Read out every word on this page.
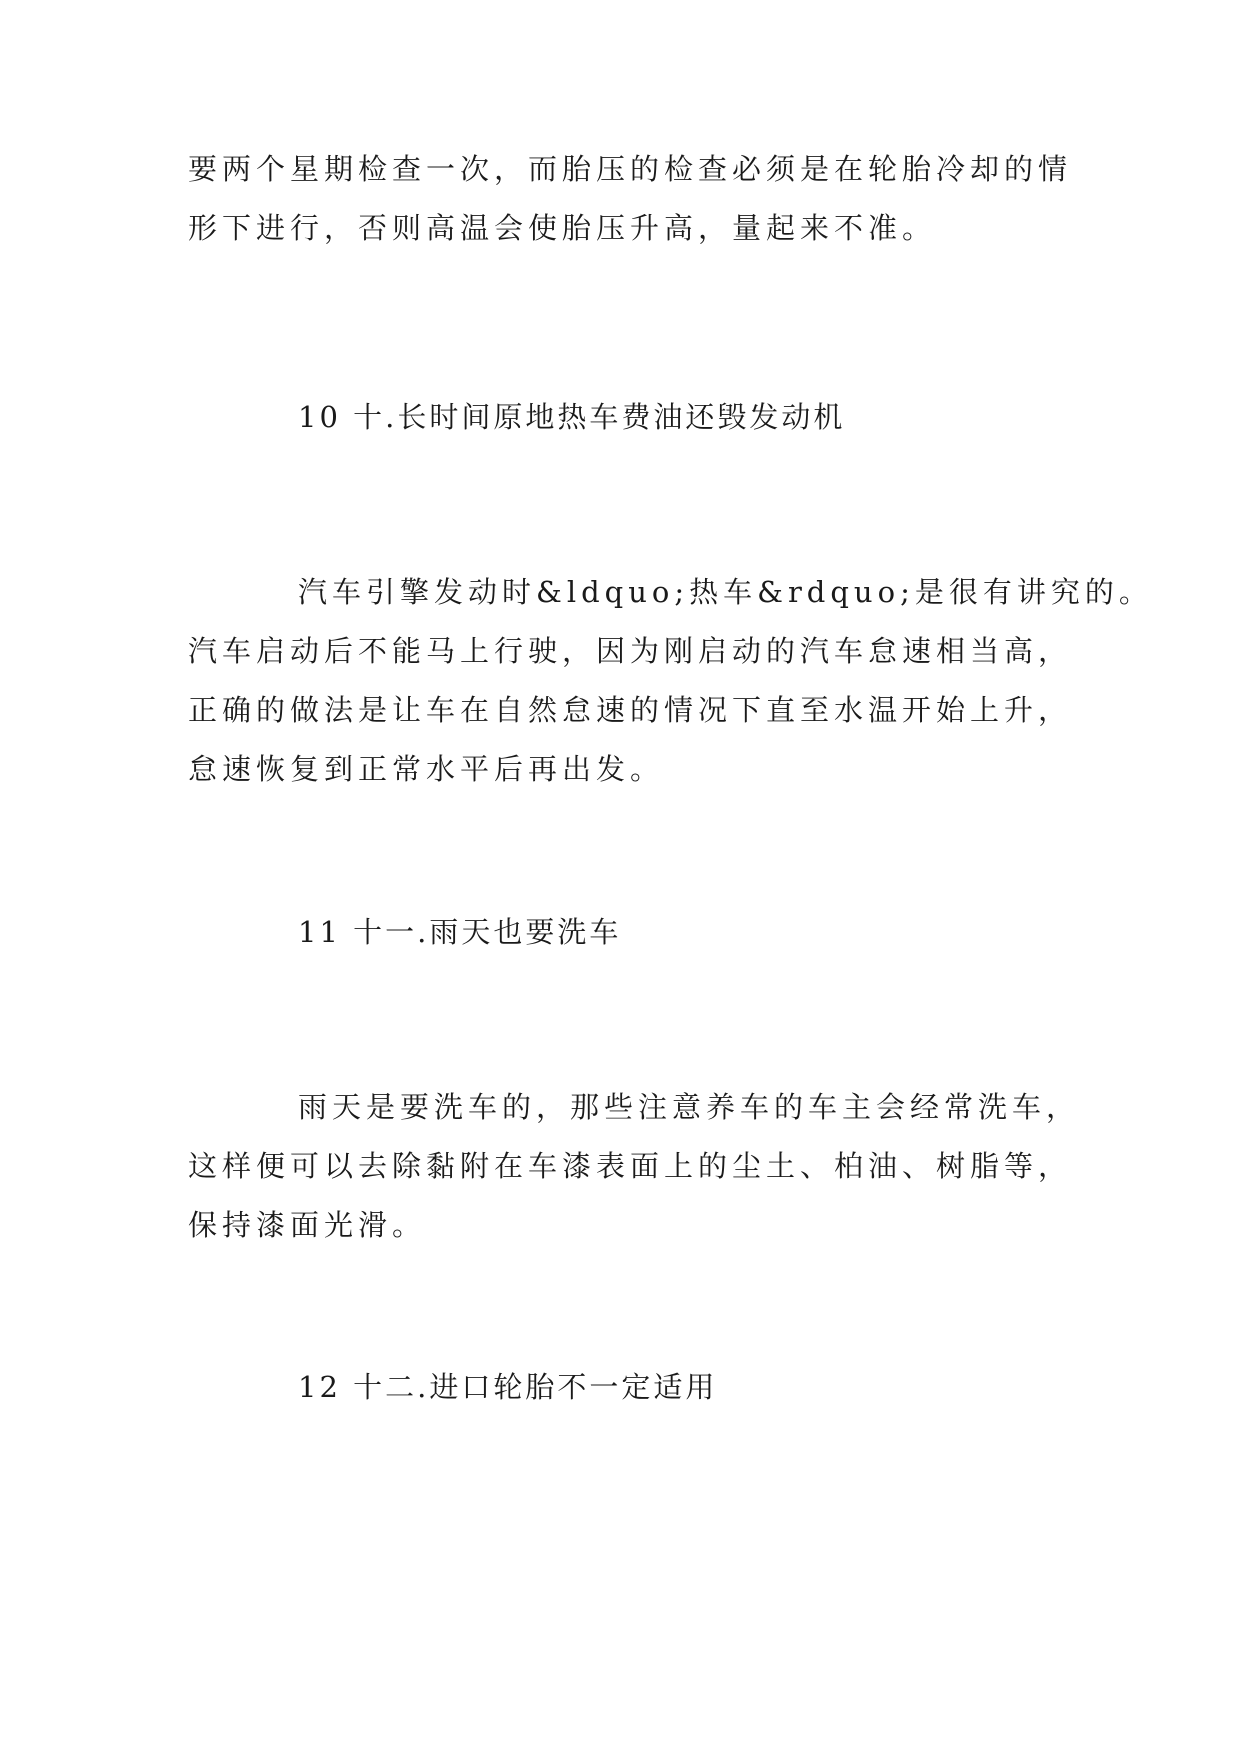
要两个星期检查一次，而胎压的检查必须是在轮胎冷却的情
形下进行，否则高温会使胎压升高，量起来不准。

10 十.长时间原地热车费油还毁发动机

汽车引擎发动时&ldquo;热车&rdquo;是很有讲究的。
汽车启动后不能马上行驶，因为刚启动的汽车怠速相当高，
正确的做法是让车在自然怠速的情况下直至水温开始上升，
怠速恢复到正常水平后再出发。

11 十一.雨天也要洗车

雨天是要洗车的，那些注意养车的车主会经常洗车，
这样便可以去除黏附在车漆表面上的尘土、柏油、树脂等，
保持漆面光滑。

12 十二.进口轮胎不一定适用
